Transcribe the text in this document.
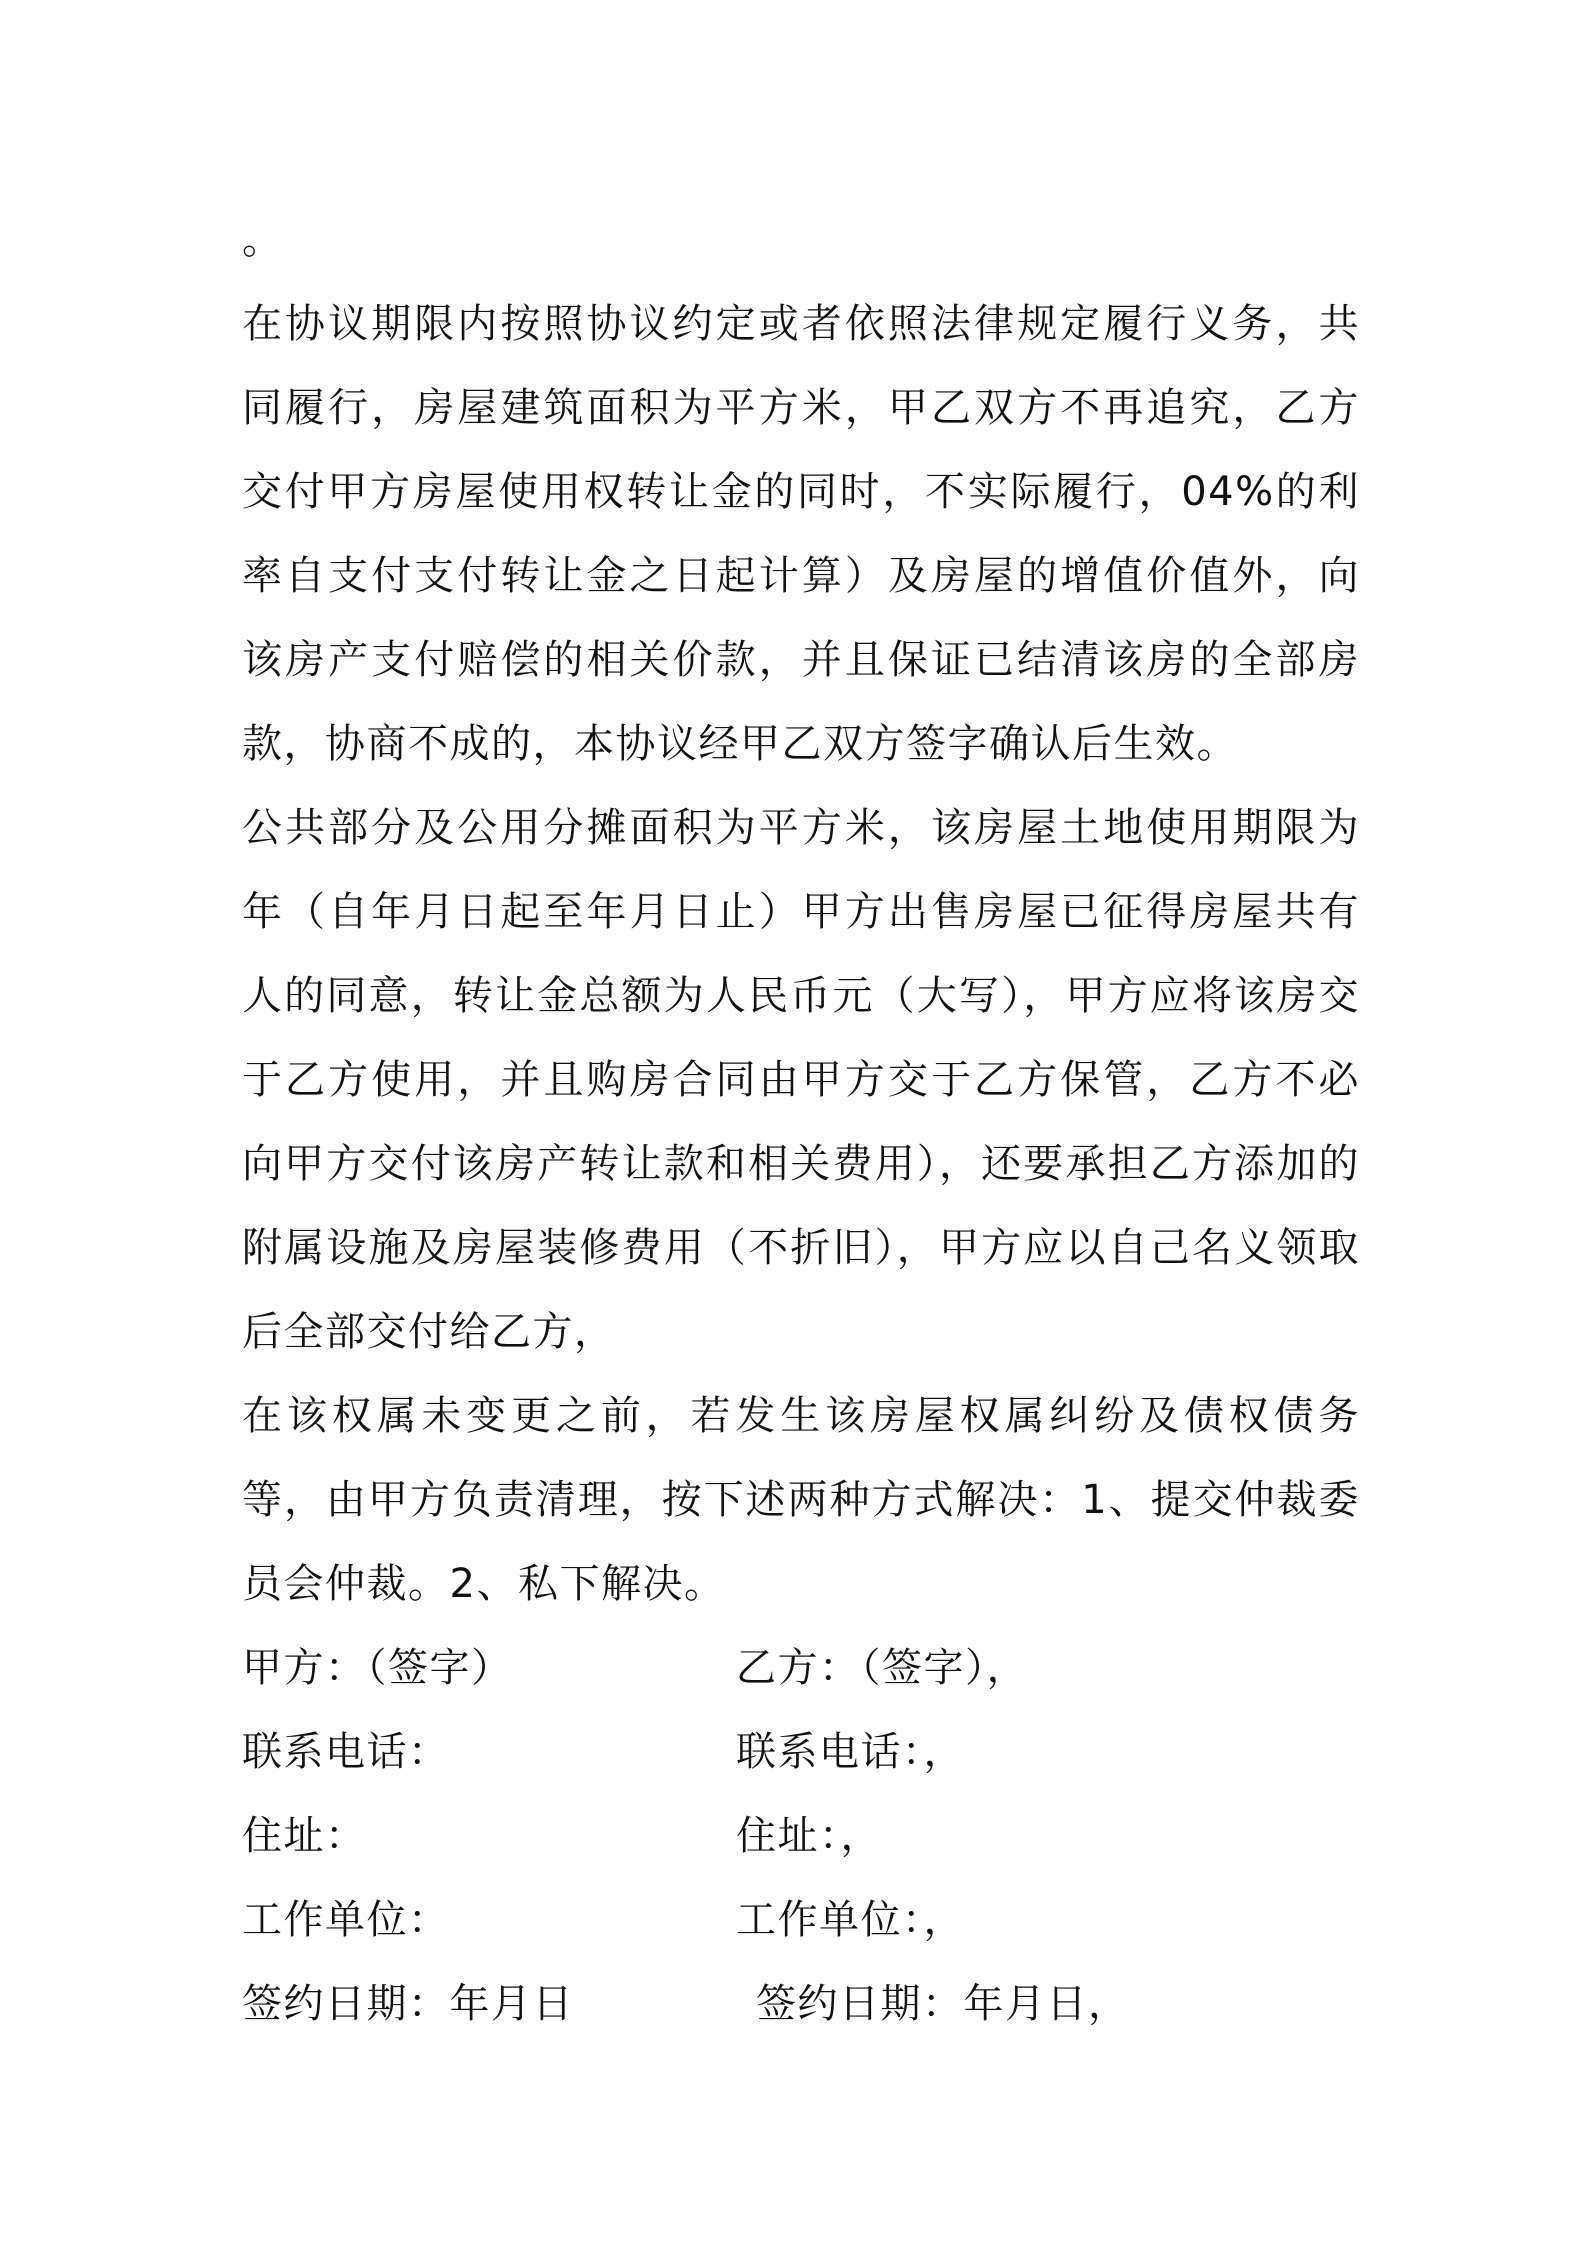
。

在协议期限内按照协议约定或者依照法律规定履行义务，共同履行，房屋建筑面积为平方米，甲乙双方不再追究，乙方交付甲方房屋使用权转让金的同时，不实际履行，04%的利率自支付支付转让金之日起计算）及房屋的增值价值外，向该房产支付赔偿的相关价款，并且保证已结清该房的全部房款，协商不成的，本协议经甲乙双方签字确认后生效。

公共部分及公用分摊面积为平方米，该房屋土地使用期限为年（自年月日起至年月日止）甲方出售房屋已征得房屋共有人的同意，转让金总额为人民币元（大写），甲方应将该房交于乙方使用，并且购房合同由甲方交于乙方保管，乙方不必向甲方交付该房产转让款和相关费用），还要承担乙方添加的附属设施及房屋装修费用（不折旧），甲方应以自己名义领取后全部交付给乙方，

在该权属未变更之前，若发生该房屋权属纠纷及债权债务等，由甲方负责清理，按下述两种方式解决：1、提交仲裁委员会仲裁。2、私下解决。

甲方：（签字）	乙方：（签字），

联系电话：	联系电话：，

住址：	住址：，

工作单位：	工作单位：，

签约日期：年月日	签约日期：年月日，
